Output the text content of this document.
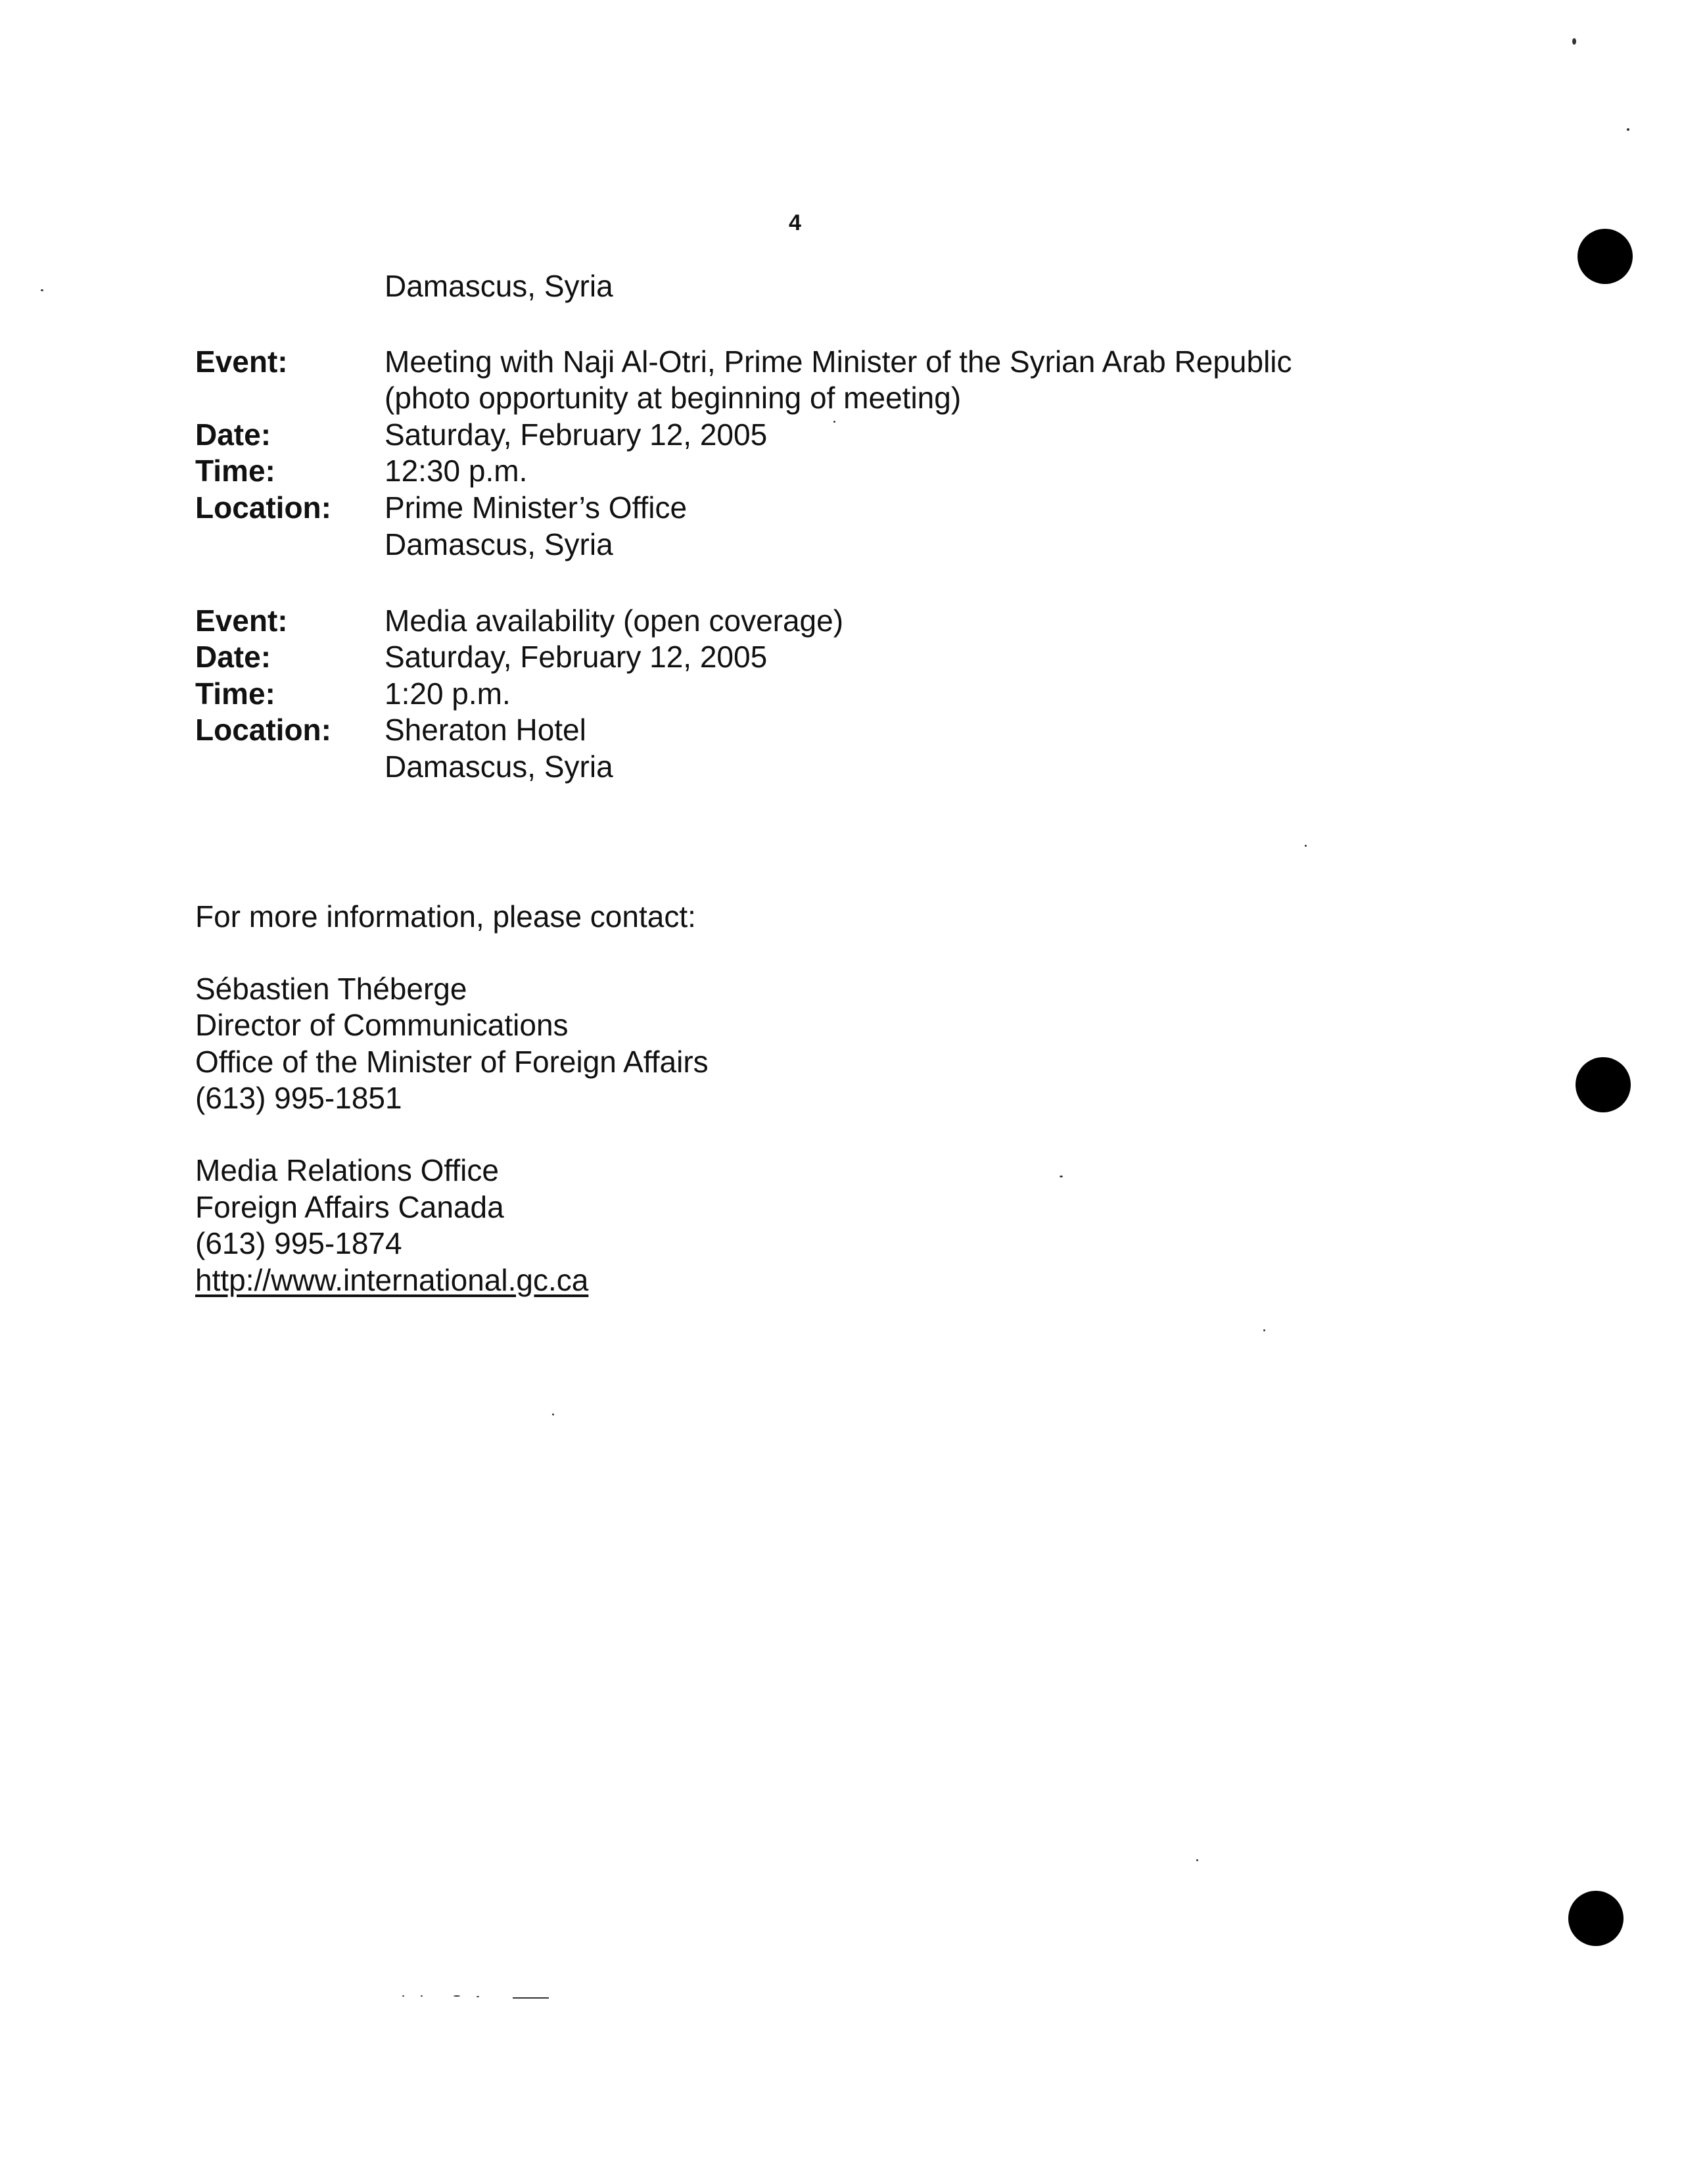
4
Damascus, Syria
Event:	Meeting with Naji Al-Otri, Prime Minister of the Syrian Arab Republic
(photo opportunity at beginning of meeting)
Date:	Saturday, February 12, 2005
Time:	12:30 p.m.
Location: Prime Minister’s Office
Damascus, Syria
Event:	Media availability (open coverage)
Date:	Saturday, February 12, 2005
Time:	1:20 p.m.
Location: Sheraton Hotel
Damascus, Syria
For more information, please contact:
Sébastien Théberge
Director of Communications
Office of the Minister of Foreign Affairs
(613) 995-1851
Media Relations Office
Foreign Affairs Canada
(613) 995-1874
http://www.international.gc.ca
